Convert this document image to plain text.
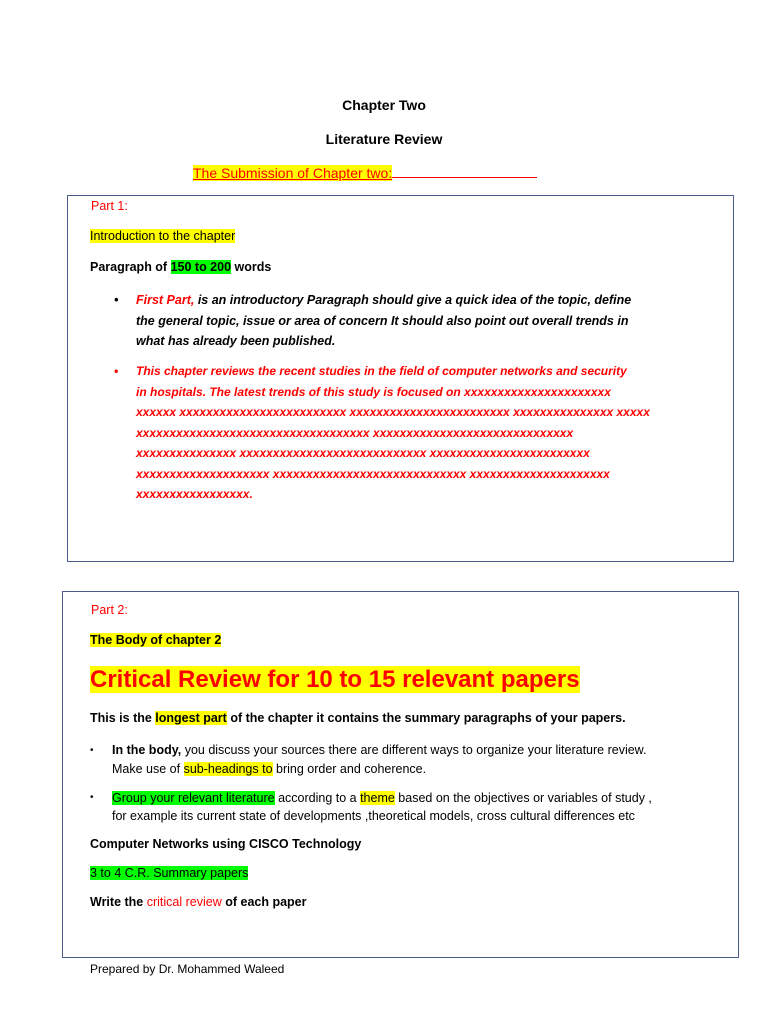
Chapter Two
Literature Review
The Submission of Chapter two:
Part 1:
Introduction to the chapter
Paragraph of 150 to 200 words
• First Part, is an introductory Paragraph should give a quick idea of the topic, define
the general topic, issue or area of concern It should also point out overall trends in
what has already been published.
• This chapter reviews the recent studies in the field of computer networks and security
in hospitals. The latest trends of this study is focused on xxxxxxxxxxxxxxxxxxxxxx
xxxxxx xxxxxxxxxxxxxxxxxxxxxxxxx xxxxxxxxxxxxxxxxxxxxxxxx xxxxxxxxxxxxxxx xxxxx
xxxxxxxxxxxxxxxxxxxxxxxxxxxxxxxxxxx xxxxxxxxxxxxxxxxxxxxxxxxxxxxxx
xxxxxxxxxxxxxxx xxxxxxxxxxxxxxxxxxxxxxxxxxxx xxxxxxxxxxxxxxxxxxxxxxxx
xxxxxxxxxxxxxxxxxxxx xxxxxxxxxxxxxxxxxxxxxxxxxxxxx xxxxxxxxxxxxxxxxxxxxx
xxxxxxxxxxxxxxxxx.
Part 2:
The Body of chapter 2
Critical Review for 10 to 15 relevant papers
This is the longest part of the chapter it contains the summary paragraphs of your papers.
• In the body, you discuss your sources there are different ways to organize your literature review.
Make use of sub-headings to bring order and coherence.
• Group your relevant literature according to a theme based on the objectives or variables of study ,
for example its current state of developments ,theoretical models, cross cultural differences etc
Computer Networks using CISCO Technology
3 to 4 C.R. Summary papers
Write the critical review of each paper
Prepared by Dr. Mohammed Waleed
